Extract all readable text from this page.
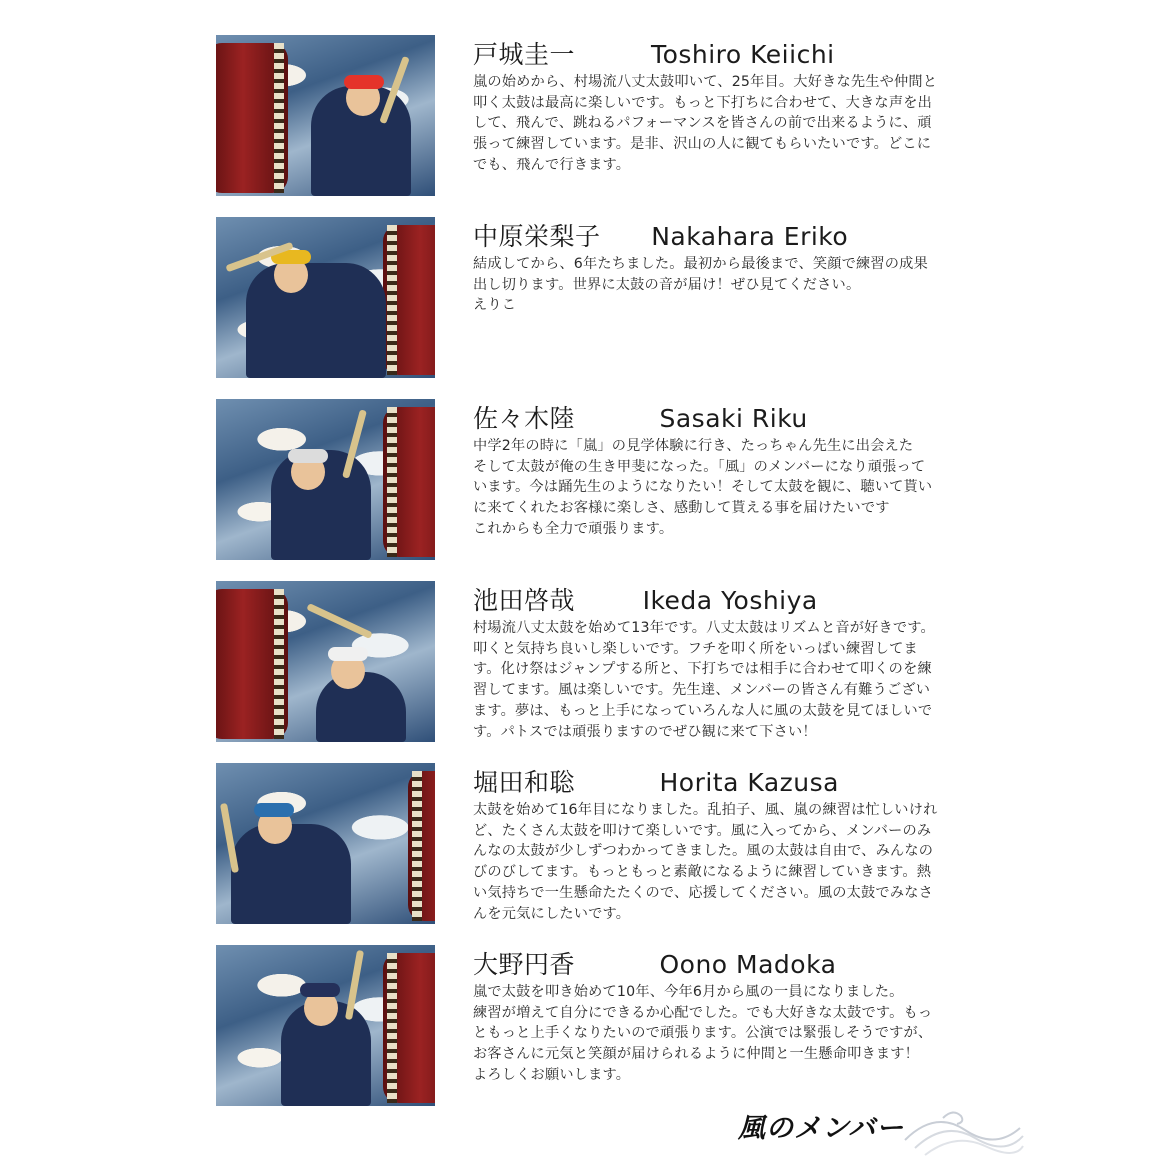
戸城圭一	Toshiro Keiichi
嵐の始めから、村場流八丈太鼓叩いて、25年目。大好きな先生や仲間と
叩く太鼓は最高に楽しいです。もっと下打ちに合わせて、大きな声を出
して、飛んで、跳ねるパフォーマンスを皆さんの前で出来るように、頑
張って練習しています。是非、沢山の人に観てもらいたいです。どこに
でも、飛んで行きます。
中原栄梨子 Nakahara Eriko
結成してから、6年たちました。最初から最後まで、笑顔で練習の成果
出し切ります。世界に太鼓の音が届け！ぜひ見てください。
えりこ
佐々木陸	Sasaki Riku
中学2年の時に「嵐」の見学体験に行き、たっちゃん先生に出会えた
そして太鼓が俺の生き甲斐になった。「風」のメンバーになり頑張って
います。今は踊先生のようになりたい！そして太鼓を観に、聴いて貰い
に来てくれたお客様に楽しさ、感動して貰える事を届けたいです
これからも全力で頑張ります。
池田啓哉	Ikeda Yoshiya
村場流八丈太鼓を始めて13年です。八丈太鼓はリズムと音が好きです。
叩くと気持ち良いし楽しいです。フチを叩く所をいっぱい練習してま
す。化け祭はジャンプする所と、下打ちでは相手に合わせて叩くのを練
習してます。風は楽しいです。先生達、メンバーの皆さん有難うござい
ます。夢は、もっと上手になっていろんな人に風の太鼓を見てほしいで
す。パトスでは頑張りますのでぜひ観に来て下さい！
堀田和聡	Horita Kazusa
太鼓を始めて16年目になりました。乱拍子、風、嵐の練習は忙しいけれ
ど、たくさん太鼓を叩けて楽しいです。風に入ってから、メンバーのみ
んなの太鼓が少しずつわかってきました。風の太鼓は自由で、みんなの
びのびしてます。もっともっと素敵になるように練習していきます。熱
い気持ちで一生懸命たたくので、応援してください。風の太鼓でみなさ
んを元気にしたいです。
大野円香	Oono Madoka
嵐で太鼓を叩き始めて10年、今年6月から風の一員になりました。
練習が増えて自分にできるか心配でした。でも大好きな太鼓です。もっ
ともっと上手くなりたいので頑張ります。公演では緊張しそうですが、
お客さんに元気と笑顔が届けられるように仲間と一生懸命叩きます！
よろしくお願いします。
風のメンバー
